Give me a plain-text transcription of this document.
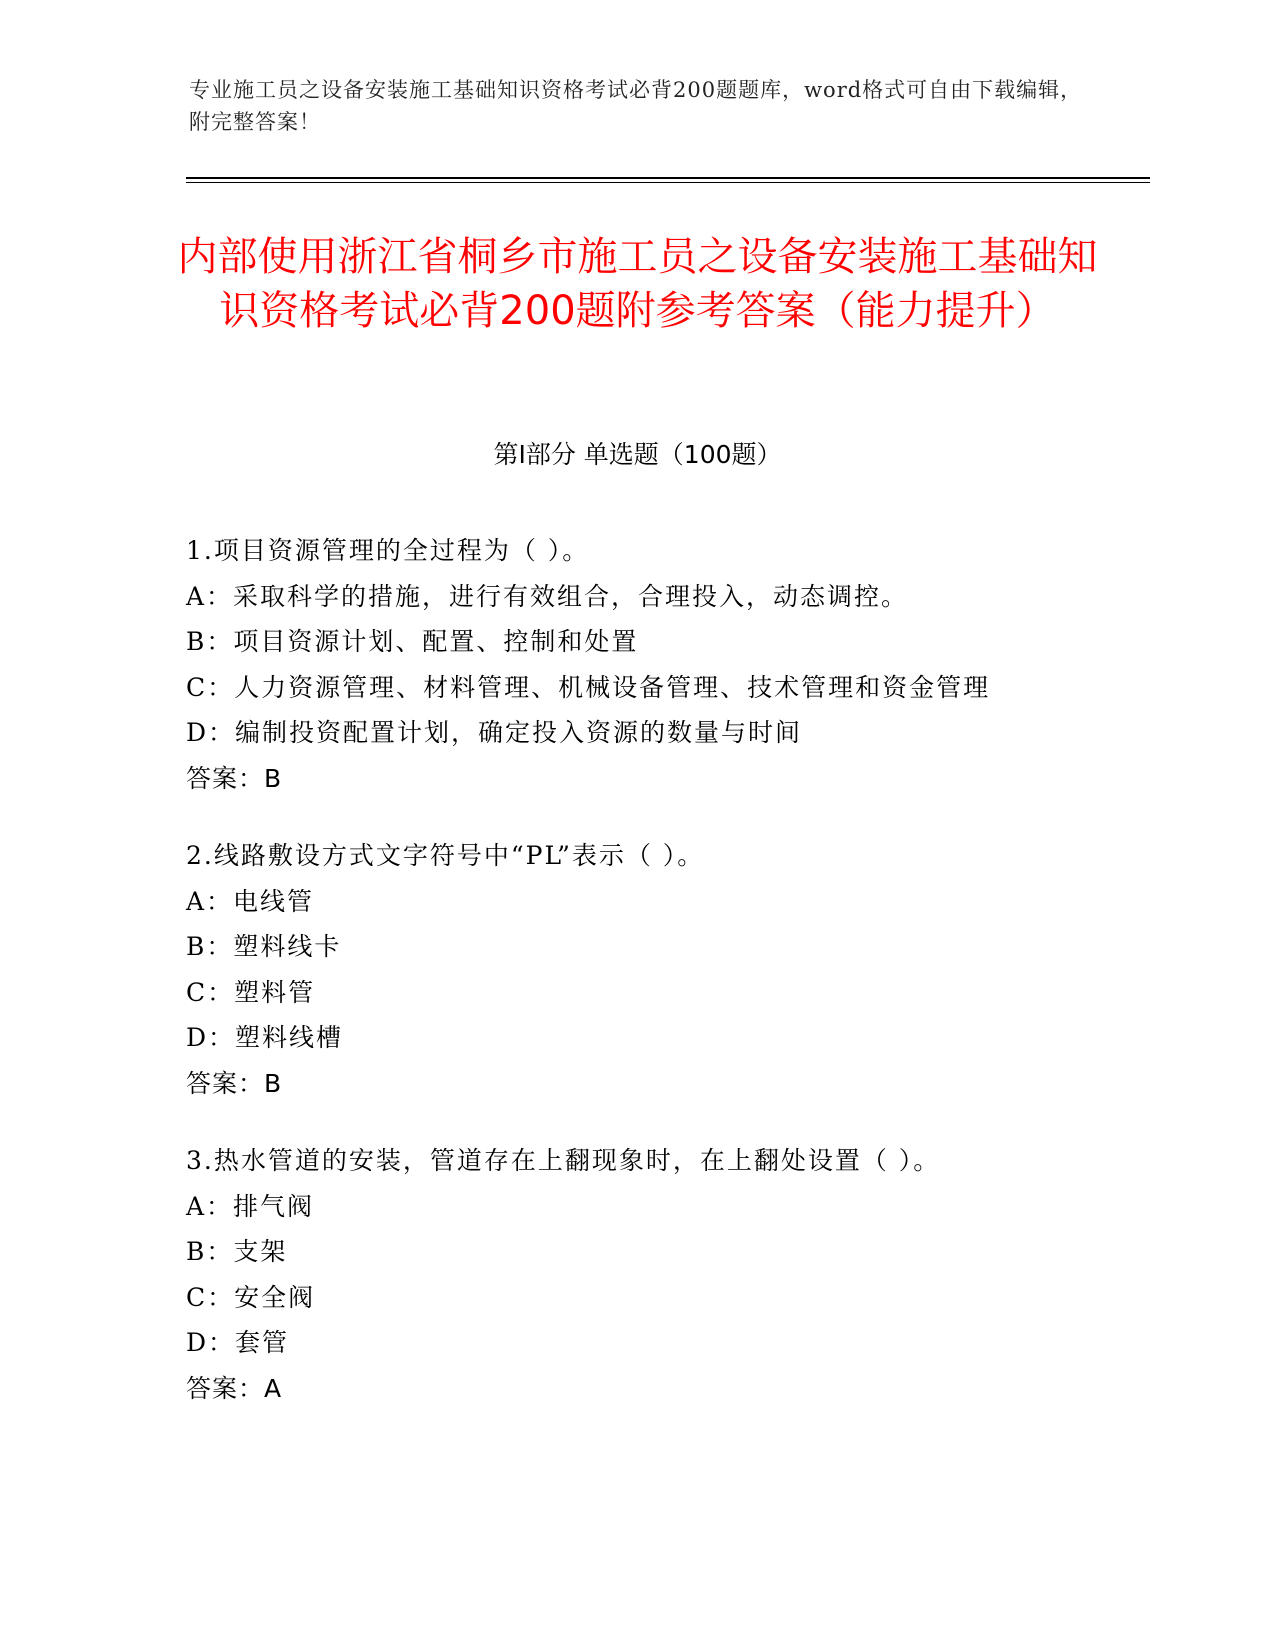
专业施工员之设备安装施工基础知识资格考试必背200题题库，word格式可自由下载编辑，附完整答案！
内部使用浙江省桐乡市施工员之设备安装施工基础知识资格考试必背200题附参考答案（能力提升）
第Ⅰ部分 单选题（100题）
1.项目资源管理的全过程为（ ）。
A：采取科学的措施，进行有效组合，合理投入，动态调控。
B：项目资源计划、配置、控制和处置
C：人力资源管理、材料管理、机械设备管理、技术管理和资金管理
D：编制投资配置计划，确定投入资源的数量与时间
答案：B
2.线路敷设方式文字符号中“PL”表示（ ）。
A：电线管
B：塑料线卡
C：塑料管
D：塑料线槽
答案：B
3.热水管道的安装，管道存在上翻现象时，在上翻处设置（ ）。
A：排气阀
B：支架
C：安全阀
D：套管
答案：A
